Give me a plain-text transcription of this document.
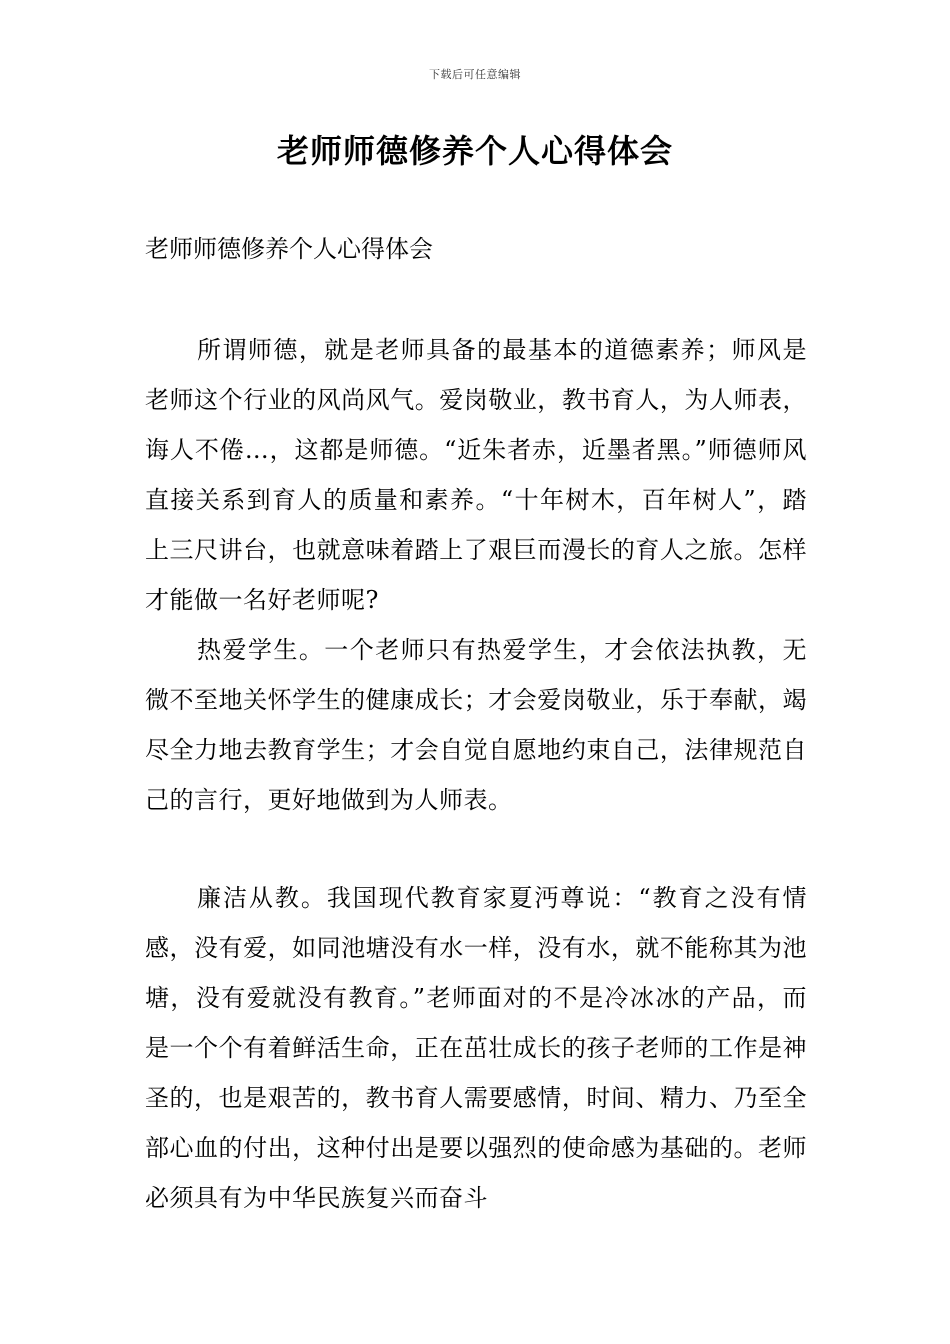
下载后可任意编辑
老师师德修养个人心得体会
老师师德修养个人心得体会

所谓师德，就是老师具备的最基本的道德素养；师风是老师这个行业的风尚风气。爱岗敬业，教书育人，为人师表，诲人不倦…，这都是师德。“近朱者赤，近墨者黑。”师德师风直接关系到育人的质量和素养。“十年树木，百年树人”，踏上三尺讲台，也就意味着踏上了艰巨而漫长的育人之旅。怎样才能做一名好老师呢?

热爱学生。一个老师只有热爱学生，才会依法执教，无微不至地关怀学生的健康成长；才会爱岗敬业，乐于奉献，竭尽全力地去教育学生；才会自觉自愿地约束自己，法律规范自己的言行，更好地做到为人师表。

廉洁从教。我国现代教育家夏沔尊说：“教育之没有情感，没有爱，如同池塘没有水一样，没有水，就不能称其为池塘，没有爱就没有教育。”老师面对的不是冷冰冰的产品，而是一个个有着鲜活生命，正在茁壮成长的孩子老师的工作是神圣的，也是艰苦的，教书育人需要感情，时间、精力、乃至全部心血的付出，这种付出是要以强烈的使命感为基础的。老师必须具有为中华民族复兴而奋斗
